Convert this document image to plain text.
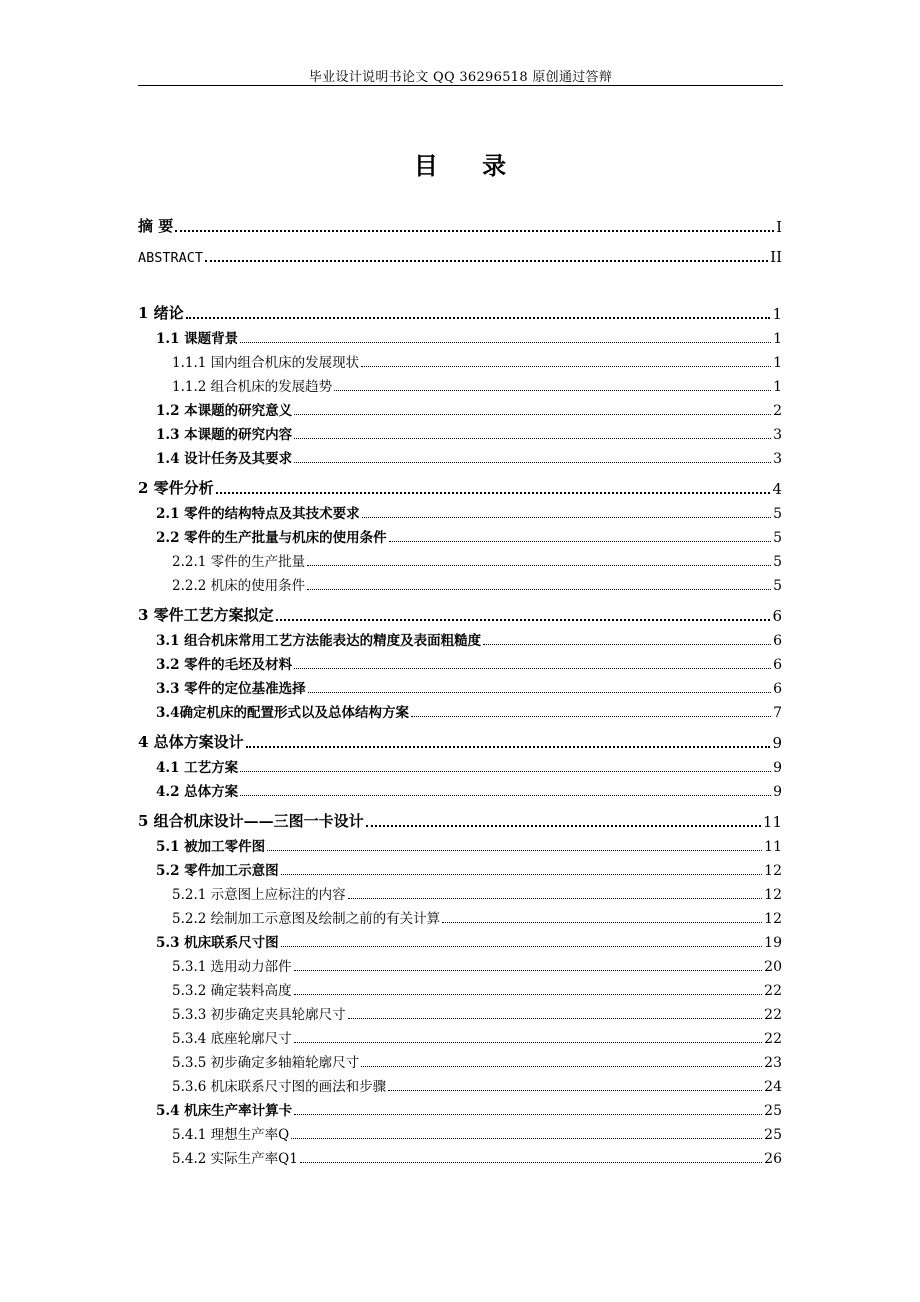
毕业设计说明书论文 QQ 36296518 原创通过答辩
目 录
摘 要	I
ABSTRACT	II
1 绪论	1
1.1 课题背景	1
1.1.1 国内组合机床的发展现状	1
1.1.2 组合机床的发展趋势	1
1.2 本课题的研究意义	2
1.3 本课题的研究内容	3
1.4 设计任务及其要求	3
2 零件分析	4
2.1 零件的结构特点及其技术要求	5
2.2 零件的生产批量与机床的使用条件	5
2.2.1 零件的生产批量	5
2.2.2 机床的使用条件	5
3 零件工艺方案拟定	6
3.1 组合机床常用工艺方法能表达的精度及表面粗糙度	6
3.2 零件的毛坯及材料	6
3.3 零件的定位基准选择	6
3.4确定机床的配置形式以及总体结构方案	7
4 总体方案设计	9
4.1 工艺方案	9
4.2 总体方案	9
5 组合机床设计——三图一卡设计	11
5.1 被加工零件图	11
5.2 零件加工示意图	12
5.2.1 示意图上应标注的内容	12
5.2.2 绘制加工示意图及绘制之前的有关计算	12
5.3 机床联系尺寸图	19
5.3.1 选用动力部件	20
5.3.2 确定装料高度	22
5.3.3 初步确定夹具轮廓尺寸	22
5.3.4 底座轮廓尺寸	22
5.3.5 初步确定多轴箱轮廓尺寸	23
5.3.6 机床联系尺寸图的画法和步骤	24
5.4 机床生产率计算卡	25
5.4.1 理想生产率Q	25
5.4.2 实际生产率Q1	26
